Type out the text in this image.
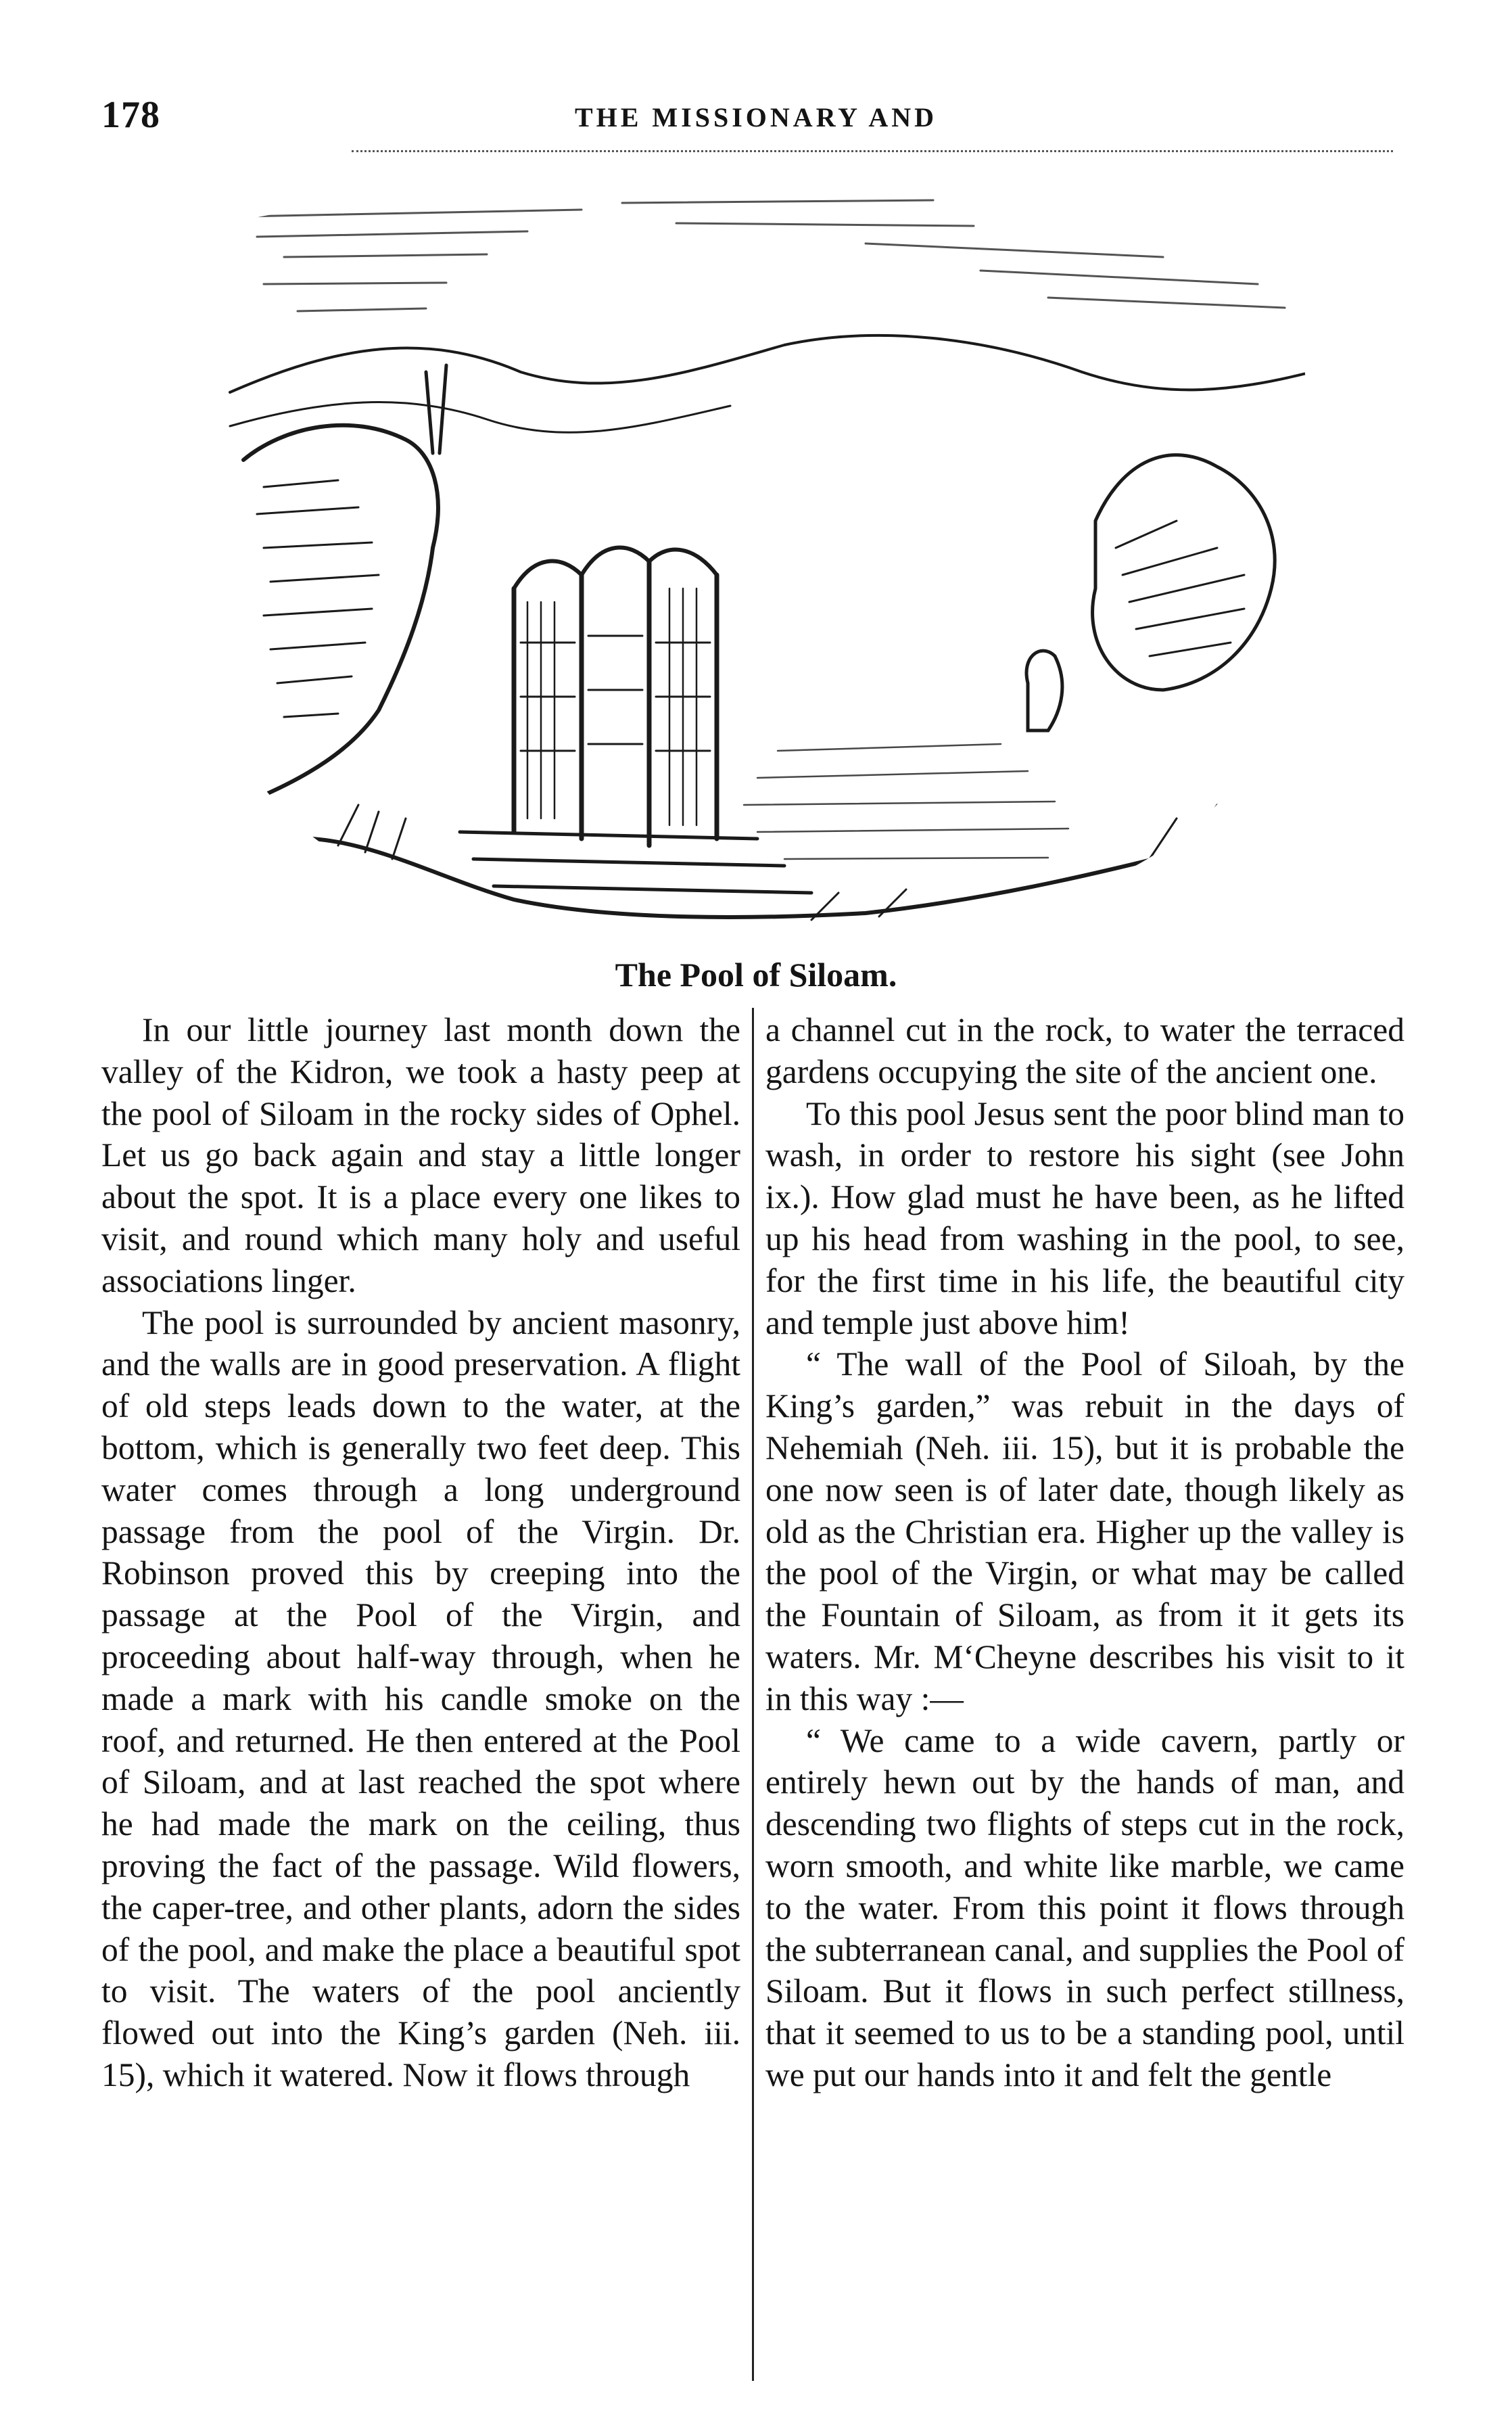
178	THE MISSIONARY AND
The Pool of Siloam.

In our little journey last month down the valley of the Kidron, we took a hasty peep at the pool of Siloam in the rocky sides of Ophel. Let us go back again and stay a little longer about the spot. It is a place every one likes to visit, and round which many holy and useful associations linger.

The pool is surrounded by ancient masonry, and the walls are in good preservation. A flight of old steps leads down to the water, at the bottom, which is generally two feet deep. This water comes through a long underground passage from the pool of the Virgin. Dr. Robinson proved this by creeping into the passage at the Pool of the Virgin, and proceeding about half-way through, when he made a mark with his candle smoke on the roof, and returned. He then entered at the Pool of Siloam, and at last reached the spot where he had made the mark on the ceiling, thus proving the fact of the passage. Wild flowers, the caper-tree, and other plants, adorn the sides of the pool, and make the place a beautiful spot to visit. The waters of the pool anciently flowed out into the King’s garden (Neh. iii. 15), which it watered. Now it flows through

a channel cut in the rock, to water the terraced gardens occupying the site of the ancient one.

To this pool Jesus sent the poor blind man to wash, in order to restore his sight (see John ix.). How glad must he have been, as he lifted up his head from washing in the pool, to see, for the first time in his life, the beautiful city and temple just above him!

“ The wall of the Pool of Siloah, by the King’s garden,” was rebuit in the days of Nehemiah (Neh. iii. 15), but it is probable the one now seen is of later date, though likely as old as the Christian era. Higher up the valley is the pool of the Virgin, or what may be called the Fountain of Siloam, as from it it gets its waters. Mr. M‘Cheyne describes his visit to it in this way :—

“ We came to a wide cavern, partly or entirely hewn out by the hands of man, and descending two flights of steps cut in the rock, worn smooth, and white like marble, we came to the water. From this point it flows through the subterranean canal, and supplies the Pool of Siloam. But it flows in such perfect stillness, that it seemed to us to be a standing pool, until we put our hands into it and felt the gentle
